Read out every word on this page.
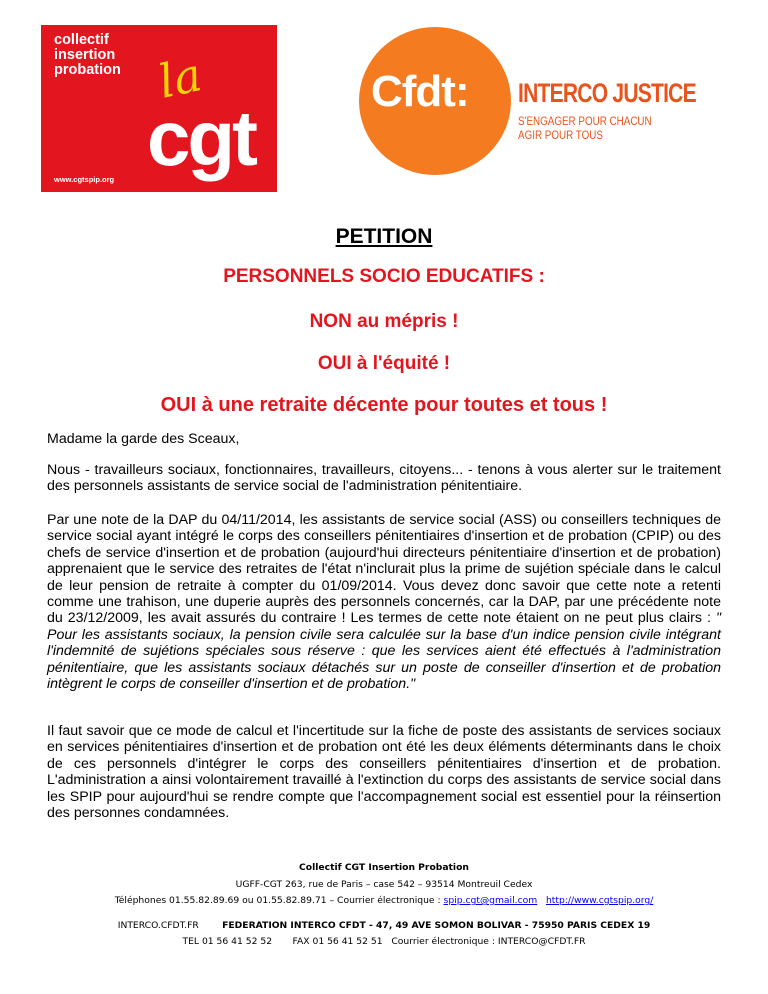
collectif
insertion
probation la
cgt
www.cgtspip.org
Cfdt: INTERCO JUSTICE
S'ENGAGER POUR CHACUN
AGIR POUR TOUS
PETITION
PERSONNELS SOCIO EDUCATIFS :
NON au mépris !
OUI à l'équité !
OUI à une retraite décente pour toutes et tous !

Madame la garde des Sceaux,

Nous - travailleurs sociaux, fonctionnaires, travailleurs, citoyens... - tenons à vous alerter sur le traitement des personnels assistants de service social de l'administration pénitentiaire.

Par une note de la DAP du 04/11/2014, les assistants de service social (ASS) ou conseillers techniques de service social ayant intégré le corps des conseillers pénitentiaires d'insertion et de probation (CPIP) ou des chefs de service d'insertion et de probation (aujourd'hui directeurs pénitentiaire d'insertion et de probation) apprenaient que le service des retraites de l'état n'inclurait plus la prime de sujétion spéciale dans le calcul de leur pension de retraite à compter du 01/09/2014. Vous devez donc savoir que cette note a retenti comme une trahison, une duperie auprès des personnels concernés, car la DAP, par une précédente note du 23/12/2009, les avait assurés du contraire ! Les termes de cette note étaient on ne peut plus clairs : " Pour les assistants sociaux, la pension civile sera calculée sur la base d'un indice pension civile intégrant l'indemnité de sujétions spéciales sous réserve : que les services aient été effectués à l'administration pénitentiaire, que les assistants sociaux détachés sur un poste de conseiller d'insertion et de probation intègrent le corps de conseiller d'insertion et de probation."

Il faut savoir que ce mode de calcul et l'incertitude sur la fiche de poste des assistants de services sociaux en services pénitentiaires d'insertion et de probation ont été les deux éléments déterminants dans le choix de ces personnels d'intégrer le corps des conseillers pénitentiaires d'insertion et de probation. L'administration a ainsi volontairement travaillé à l'extinction du corps des assistants de service social dans les SPIP pour aujourd'hui se rendre compte que l'accompagnement social est essentiel pour la réinsertion des personnes condamnées.

Collectif CGT Insertion Probation
UGFF-CGT 263, rue de Paris – case 542 – 93514 Montreuil Cedex
Téléphones 01.55.82.89.69 ou 01.55.82.89.71 – Courrier électronique : spip.cgt@gmail.com http://www.cgtspip.org/
INTERCO.CFDT.FR	FEDERATION INTERCO CFDT - 47, 49 AVE SOMON BOLIVAR - 75950 PARIS CEDEX 19
TEL 01 56 41 52 52 FAX 01 56 41 52 51 Courrier électronique : INTERCO@CFDT.FR
